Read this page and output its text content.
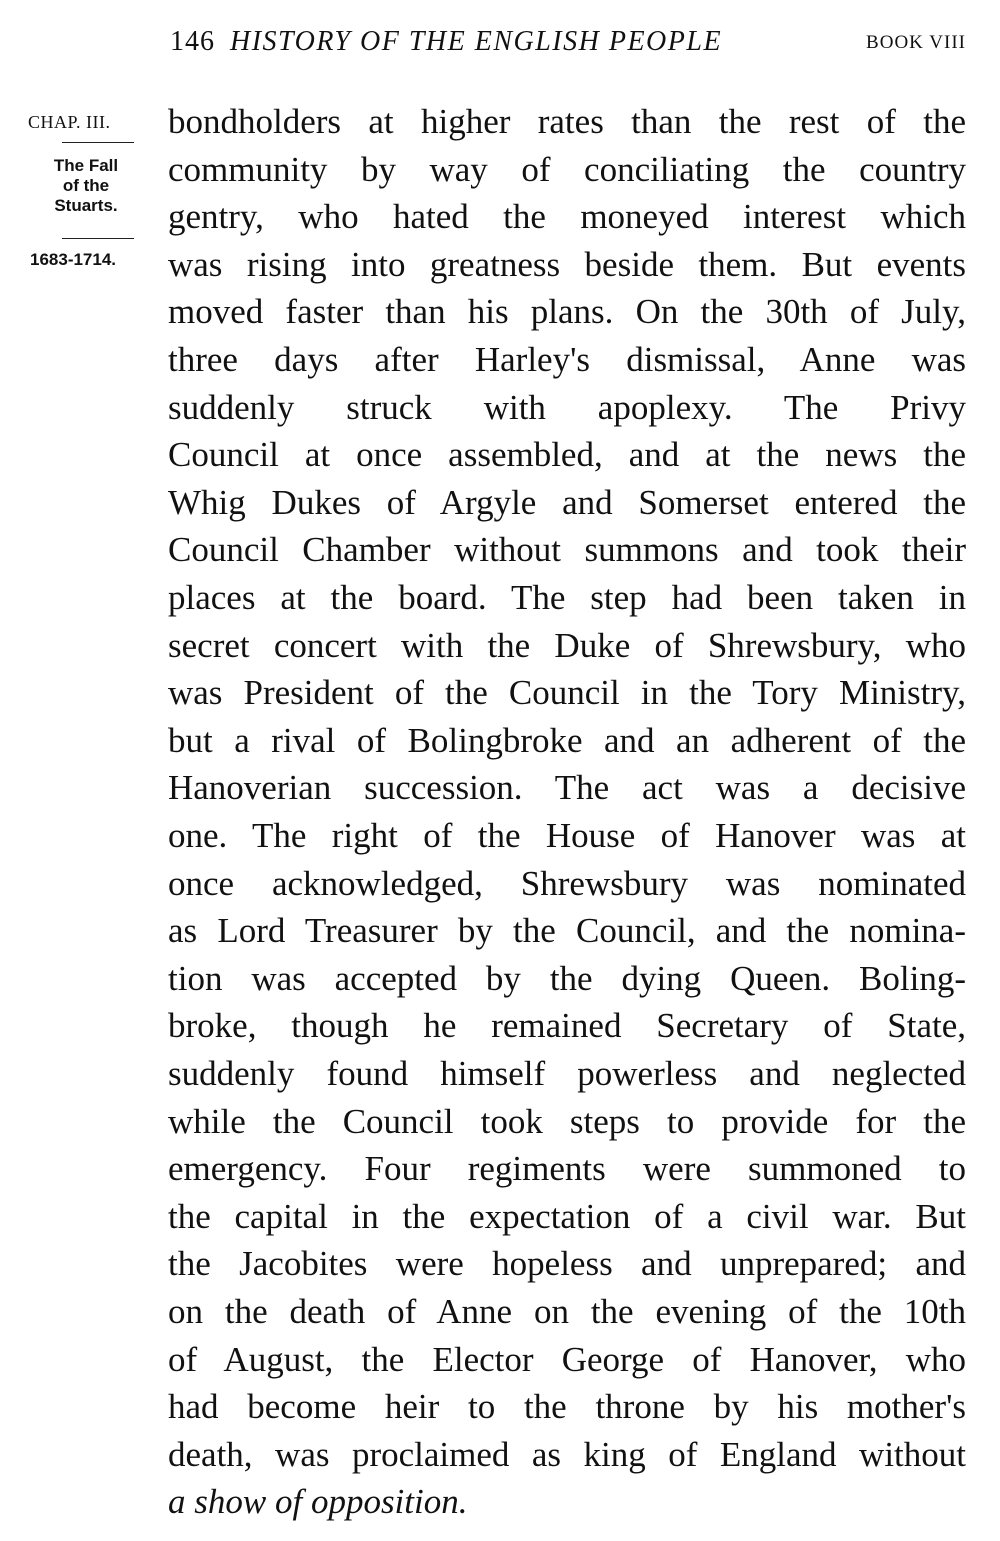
146 HISTORY OF THE ENGLISH PEOPLE	BOOK VIII
CHAP. III.
The Fall
of the
Stuarts.
1683-1714.
bondholders at higher rates than the rest of the
community by way of conciliating the country
gentry, who hated the moneyed interest which
was rising into greatness beside them. But events
moved faster than his plans. On the 30th of July,
three days after Harley's dismissal, Anne was
suddenly struck with apoplexy. The Privy
Council at once assembled, and at the news the
Whig Dukes of Argyle and Somerset entered the
Council Chamber without summons and took their
places at the board. The step had been taken in
secret concert with the Duke of Shrewsbury, who
was President of the Council in the Tory Ministry,
but a rival of Bolingbroke and an adherent of the
Hanoverian succession. The act was a decisive
one. The right of the House of Hanover was at
once acknowledged, Shrewsbury was nominated
as Lord Treasurer by the Council, and the nomina-
tion was accepted by the dying Queen. Boling-
broke, though he remained Secretary of State,
suddenly found himself powerless and neglected
while the Council took steps to provide for the
emergency. Four regiments were summoned to
the capital in the expectation of a civil war. But
the Jacobites were hopeless and unprepared; and
on the death of Anne on the evening of the 10th
of August, the Elector George of Hanover, who
had become heir to the throne by his mother's
death, was proclaimed as king of England without
a show of opposition.
